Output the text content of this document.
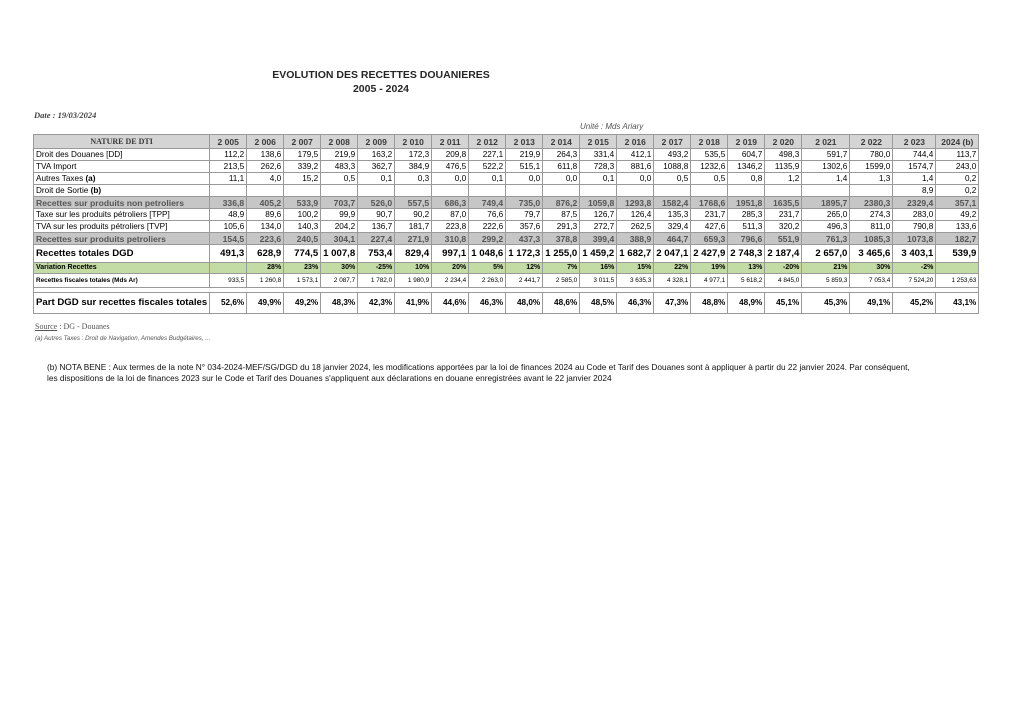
EVOLUTION DES RECETTES DOUANIERES
2005 - 2024
Date : 19/03/2024
Unité : Mds Ariary
NATURE DE DTI	2 005	2 006	2 007	2 008	2 009	2 010	2 011	2 012	2 013	2 014	2 015	2 016	2 017	2 018	2 019	2 020	2 021	2 022	2 023	2024 (b)
Droit des Douanes [DD]	112,2	138,6	179,5	219,9	163,2	172,3	209,8	227,1	219,9	264,3	331,4	412,1	493,2	535,5	604,7	498,3	591,7	780,0	744,4	113,7
TVA Import	213,5	262,6	339,2	483,3	362,7	384,9	476,5	522,2	515,1	611,8	728,3	881,6	1088,8	1232,6	1346,2	1135,9	1302,6	1599,0	1574,7	243,0
Autres Taxes (a)	11,1	4,0	15,2	0,5	0,1	0,3	0,0	0,1	0,0	0,0	0,1	0,0	0,5	0,5	0,8	1,2	1,4	1,3	1,4	0,2
Droit de Sortie (b)																			8,9	0,2
Recettes sur produits non petroliers	336,8	405,2	533,9	703,7	526,0	557,5	686,3	749,4	735,0	876,2	1059,8	1293,8	1582,4	1768,6	1951,8	1635,5	1895,7	2380,3	2329,4	357,1
Taxe sur les produits pétroliers [TPP]	48,9	89,6	100,2	99,9	90,7	90,2	87,0	76,6	79,7	87,5	126,7	126,4	135,3	231,7	285,3	231,7	265,0	274,3	283,0	49,2
TVA sur les produits pétroliers [TVP]	105,6	134,0	140,3	204,2	136,7	181,7	223,8	222,6	357,6	291,3	272,7	262,5	329,4	427,6	511,3	320,2	496,3	811,0	790,8	133,6
Recettes sur produits petroliers	154,5	223,6	240,5	304,1	227,4	271,9	310,8	299,2	437,3	378,8	399,4	388,9	464,7	659,3	796,6	551,9	761,3	1085,3	1073,8	182,7
Recettes totales DGD	491,3	628,9	774,5	1 007,8	753,4	829,4	997,1	1 048,6	1 172,3	1 255,0	1 459,2	1 682,7	2 047,1	2 427,9	2 748,3	2 187,4	2 657,0	3 465,6	3 403,1	539,9
Variation Recettes		28%	23%	30%	-25%	10%	20%	5%	12%	7%	16%	15%	22%	19%	13%	-20%	21%	30%	-2%	
Recettes fiscales totales (Mds Ar)	933,5	1 260,8	1 573,1	2 087,7	1 782,0	1 980,9	2 234,4	2 263,0	2 441,7	2 585,0	3 011,5	3 635,3	4 328,1	4 977,1	5 618,2	4 845,0	5 859,3	7 053,4	7 524,20	1 253,63

Part DGD sur recettes fiscales totales	52,6%	49,9%	49,2%	48,3%	42,3%	41,9%	44,6%	46,3%	48,0%	48,6%	48,5%	46,3%	47,3%	48,8%	48,9%	45,1%	45,3%	49,1%	45,2%	43,1%
Source : DG - Douanes
(a) Autres Taxes : Droit de Navigation, Amendes Budgétaires, ...
(b) NOTA BENE : Aux termes de la note N° 034-2024-MEF/SG/DGD du 18 janvier 2024, les modifications apportées par la loi de finances 2024 au Code et Tarif des Douanes sont à appliquer à partir du 22 janvier 2024. Par conséquent, les dispositions de la loi de finances 2023 sur le Code et Tarif des Douanes s'appliquent aux déclarations en douane enregistrées avant le 22 janvier 2024
